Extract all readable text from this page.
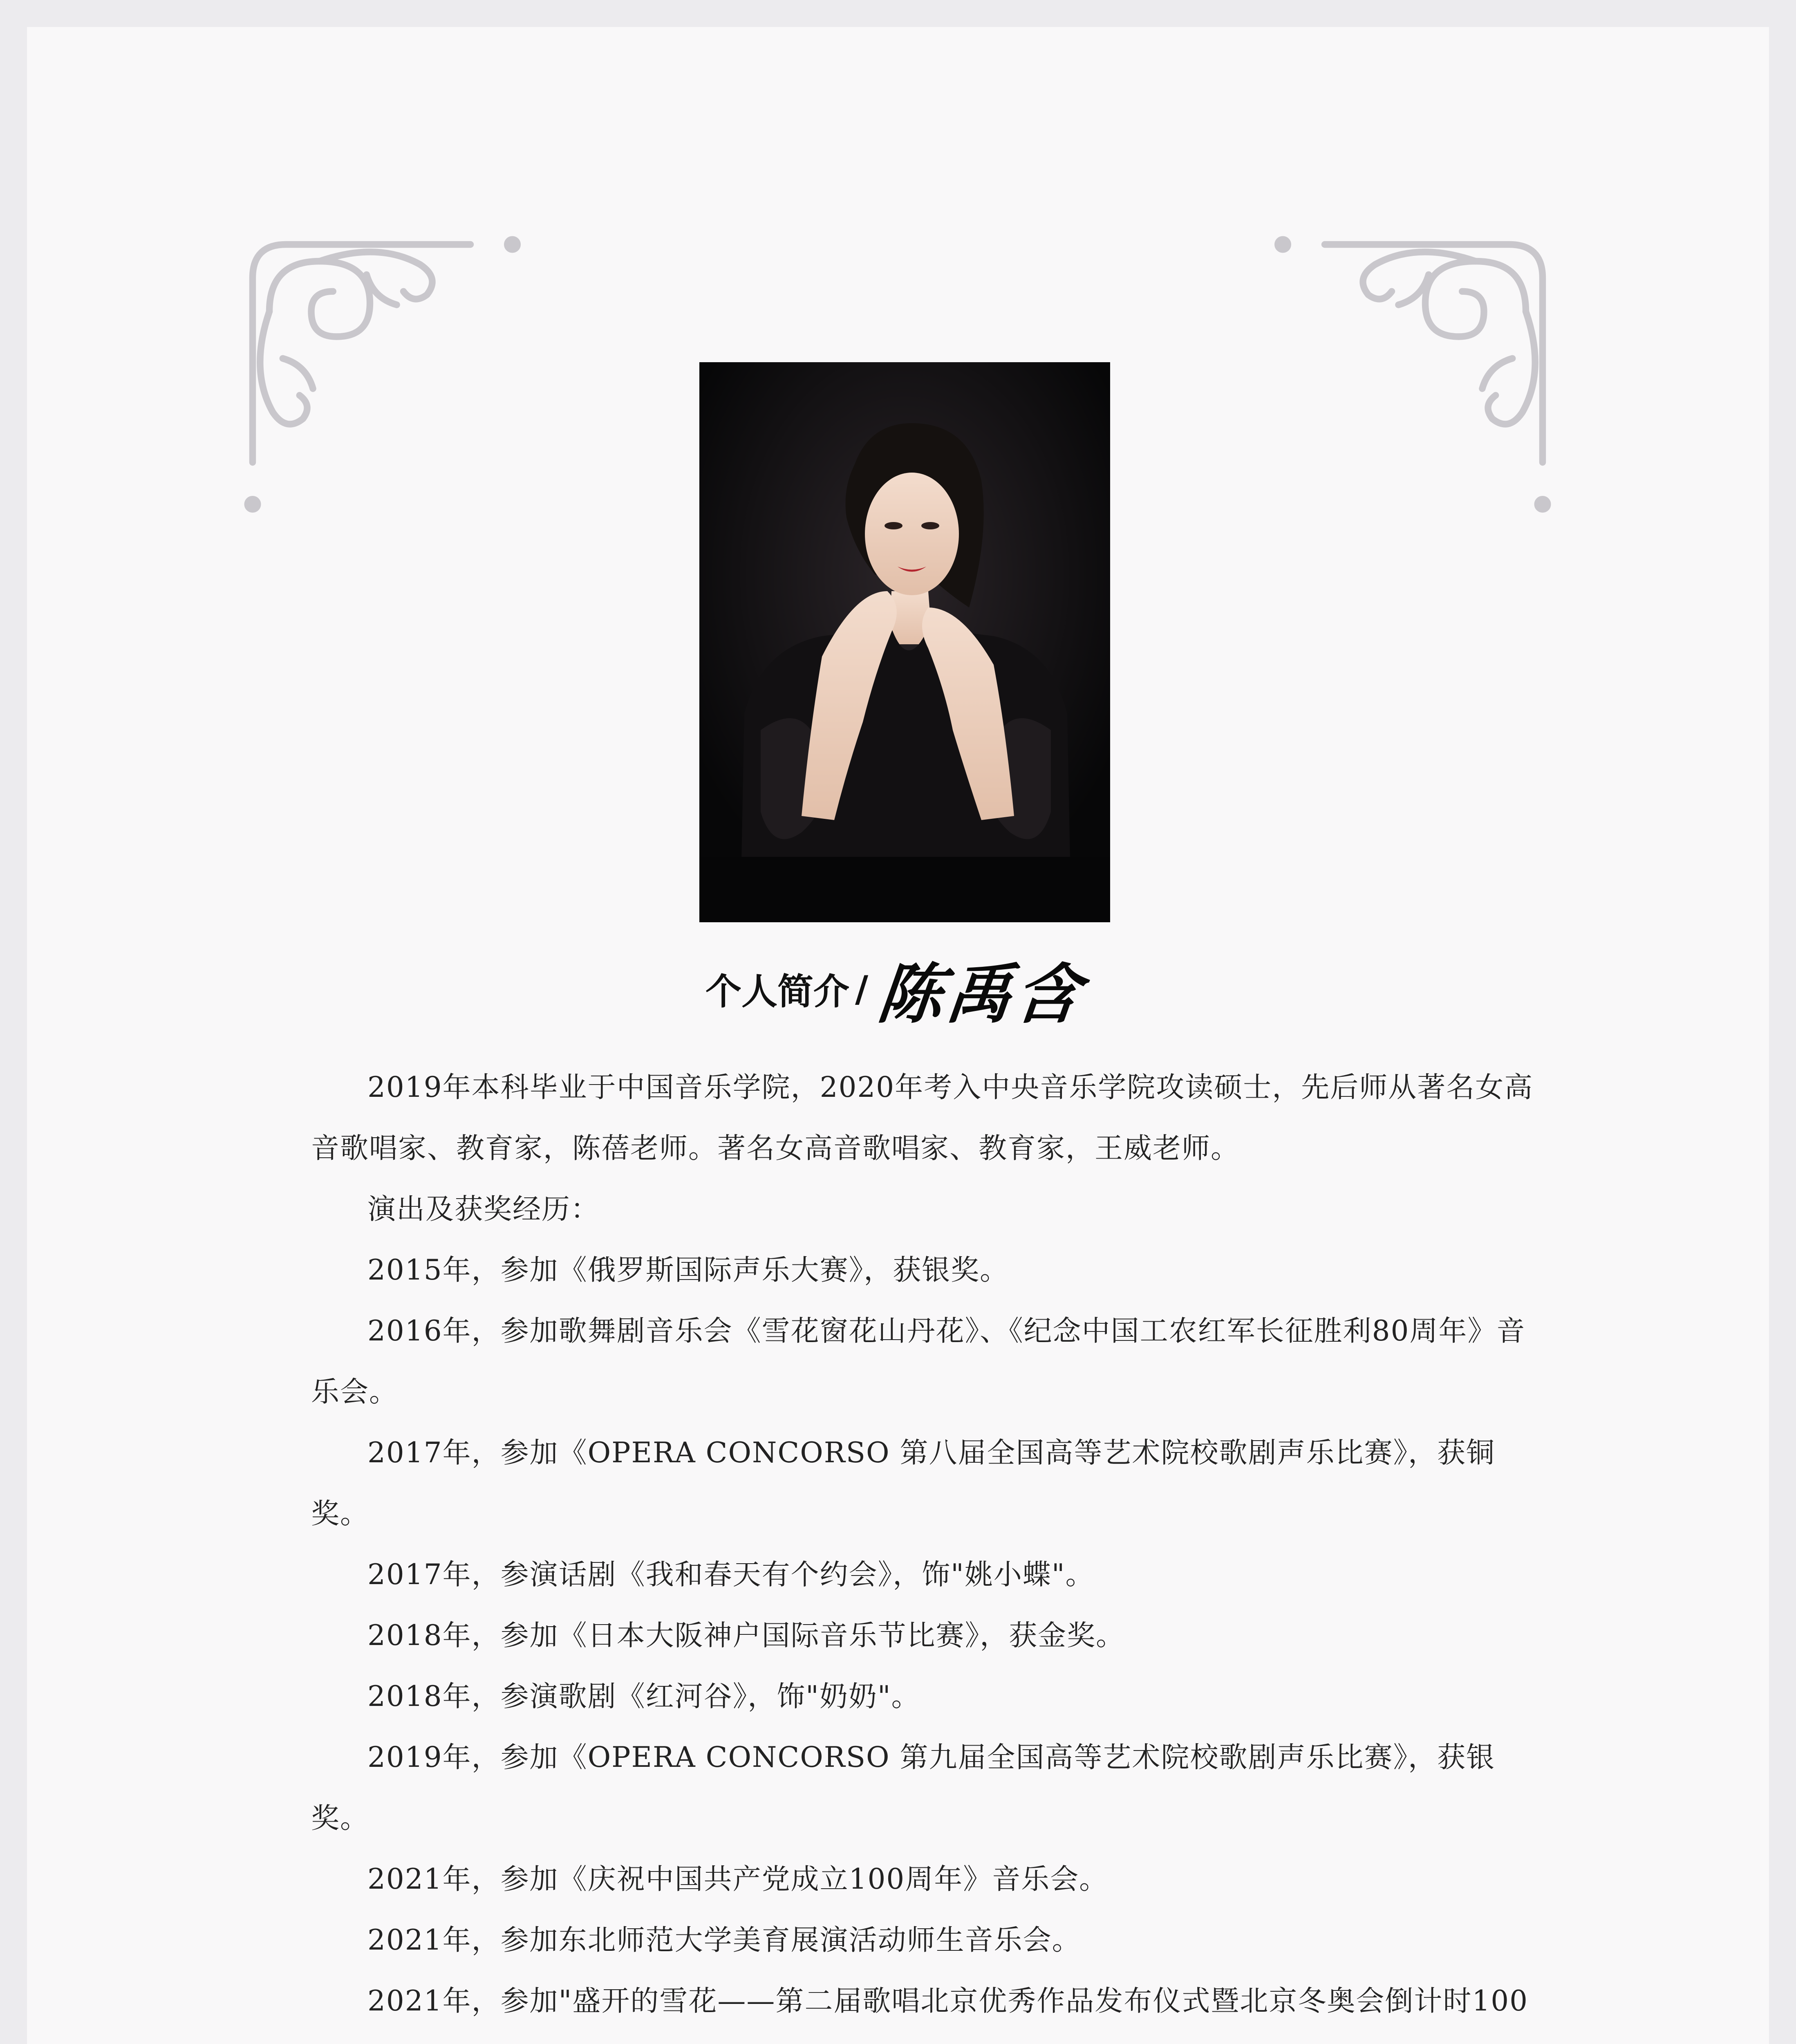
个人简介 / 陈禹含

2019年本科毕业于中国音乐学院，2020年考入中央音乐学院攻读硕士，先后师从著名女高音歌唱家、教育家，陈蓓老师。著名女高音歌唱家、教育家，王威老师。

演出及获奖经历：

2015年，参加《俄罗斯国际声乐大赛》，获银奖。

2016年，参加歌舞剧音乐会《雪花窗花山丹花》、《纪念中国工农红军长征胜利80周年》音乐会。

2017年，参加《OPERA CONCORSO 第八届全国高等艺术院校歌剧声乐比赛》，获铜奖。

2017年，参演话剧《我和春天有个约会》，饰"姚小蝶"。

2018年，参加《日本大阪神户国际音乐节比赛》，获金奖。

2018年，参演歌剧《红河谷》，饰"奶奶"。

2019年，参加《OPERA CONCORSO 第九届全国高等艺术院校歌剧声乐比赛》，获银奖。

2021年，参加《庆祝中国共产党成立100周年》音乐会。

2021年，参加东北师范大学美育展演活动师生音乐会。

2021年，参加"盛开的雪花——第二届歌唱北京优秀作品发布仪式暨北京冬奥会倒计时100
